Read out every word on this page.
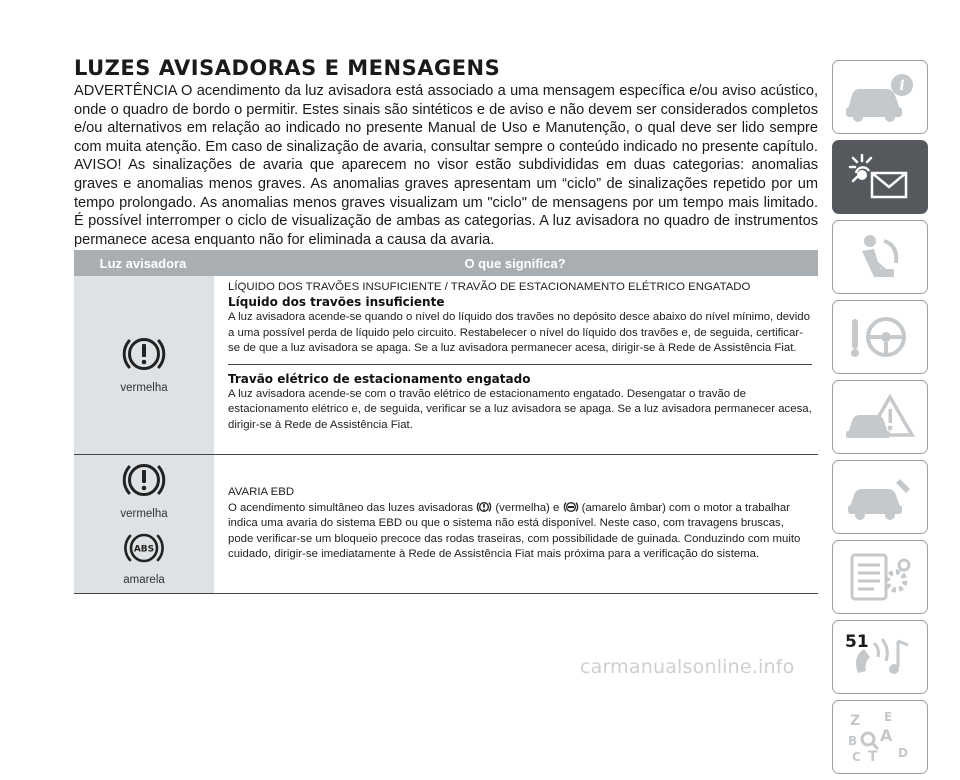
LUZES AVISADORAS E MENSAGENS

ADVERTÊNCIA O acendimento da luz avisadora está associado a uma mensagem específica e/ou aviso acústico, onde o quadro de bordo o permitir. Estes sinais são sintéticos e de aviso e não devem ser considerados completos e/ou alternativos em relação ao indicado no presente Manual de Uso e Manutenção, o qual deve ser lido sempre com muita atenção. Em caso de sinalização de avaria, consultar sempre o conteúdo indicado no presente capítulo.

AVISO! As sinalizações de avaria que aparecem no visor estão subdivididas em duas categorias: anomalias graves e anomalias menos graves. As anomalias graves apresentam um “ciclo” de sinalizações repetido por um tempo prolongado. As anomalias menos graves visualizam um "ciclo" de mensagens por um tempo mais limitado. É possível interromper o ciclo de visualização de ambas as categorias. A luz avisadora no quadro de instrumentos permanece acesa enquanto não for eliminada a causa da avaria.

Luz avisadora	O que significa?
vermelha

LÍQUIDO DOS TRAVÕES INSUFICIENTE / TRAVÃO DE ESTACIONAMENTO ELÉTRICO ENGATADO

Líquido dos travões insuficiente

A luz avisadora acende-se quando o nível do líquido dos travões no depósito desce abaixo do nível mínimo, devido a uma possível perda de líquido pelo circuito. Restabelecer o nível do líquido dos travões e, de seguida, certificar-se de que a luz avisadora se apaga. Se a luz avisadora permanecer acesa, dirigir-se à Rede de Assistência Fiat.

Travão elétrico de estacionamento engatado

A luz avisadora acende-se com o travão elétrico de estacionamento engatado. Desengatar o travão de estacionamento elétrico e, de seguida, verificar se a luz avisadora se apaga. Se a luz avisadora permanecer acesa, dirigir-se à Rede de Assistência Fiat.

vermelha
ABS
amarela

AVARIA EBD

O acendimento simultâneo das luzes avisadoras (vermelha) e (amarelo âmbar) com o motor a trabalhar indica uma avaria do sistema EBD ou que o sistema não está disponível. Neste caso, com travagens bruscas, pode verificar-se um bloqueio precoce das rodas traseiras, com possibilidade de guinada. Conduzindo com muito cuidado, dirigir-se imediatamente à Rede de Assistência Fiat mais próxima para a verificação do sistema.

i
Z E
A
B
C T D

51

carmanualsonline.info
